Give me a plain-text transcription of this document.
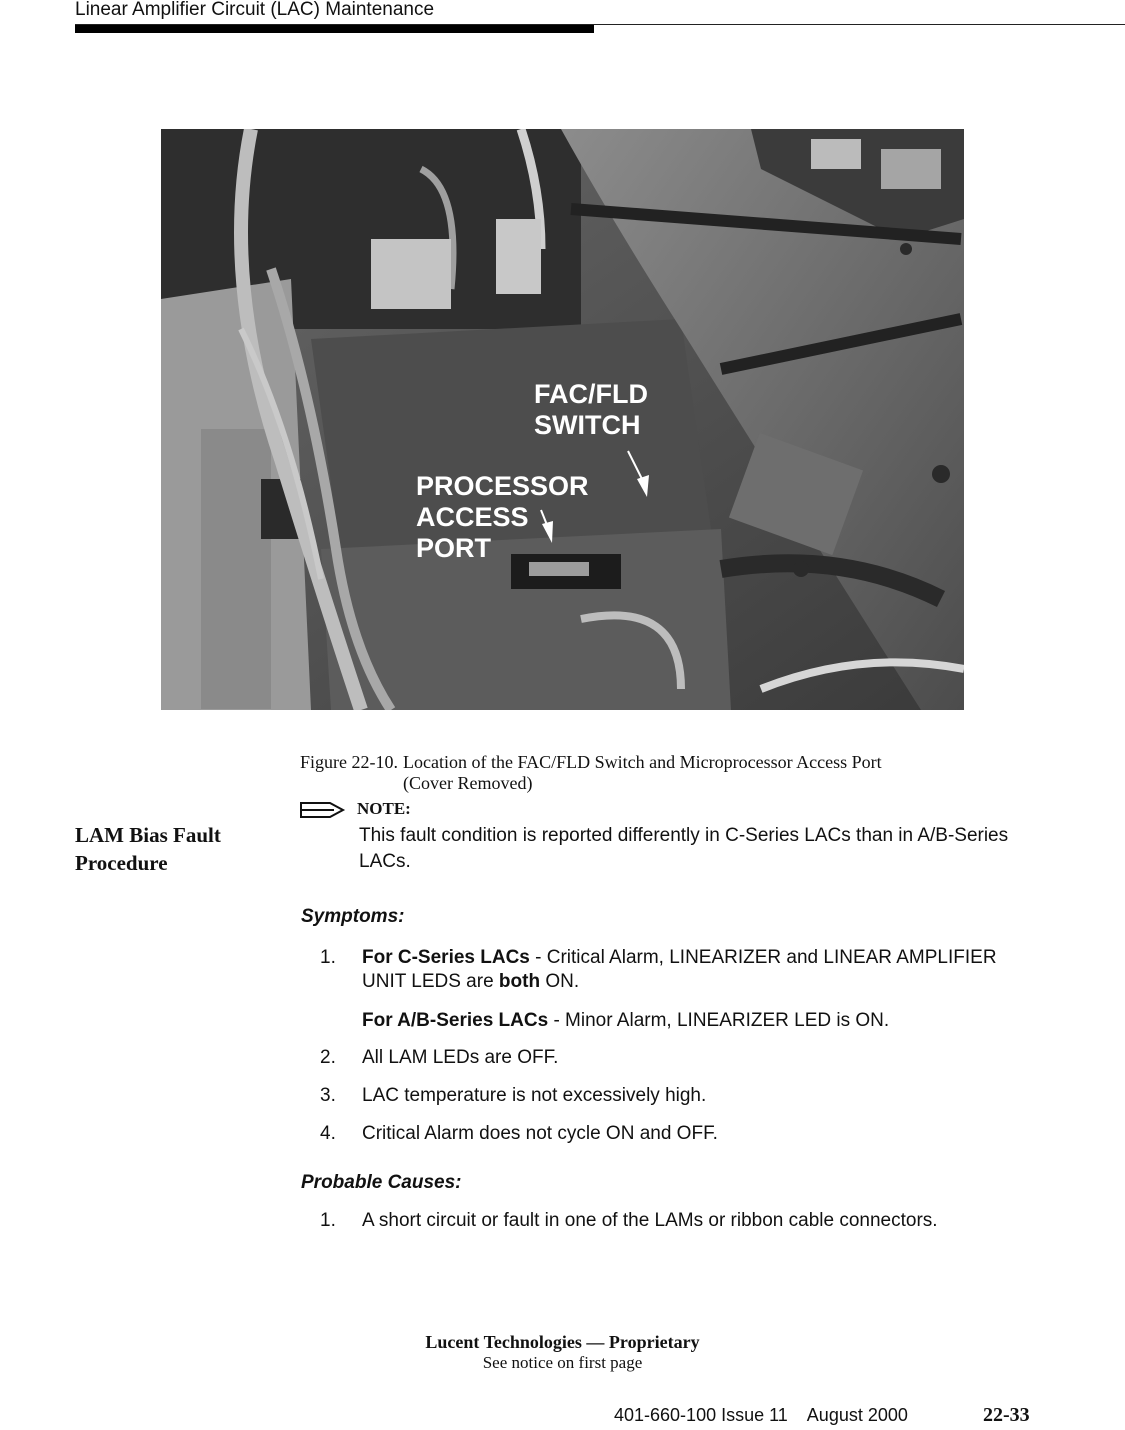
Linear Amplifier Circuit (LAC) Maintenance
FAC/FLD
SWITCH
PROCESSOR
ACCESS
PORT
Figure 22-10. Location of the FAC/FLD Switch and Microprocessor Access Port
(Cover Removed)
LAM Bias Fault Procedure
NOTE:
This fault condition is reported differently in C-Series LACs than in A/B-Series LACs.
Symptoms:
1. For C-Series LACs - Critical Alarm, LINEARIZER and LINEAR AMPLIFIER UNIT LEDS are both ON.
For A/B-Series LACs - Minor Alarm, LINEARIZER LED is ON.
2. All LAM LEDs are OFF.
3. LAC temperature is not excessively high.
4. Critical Alarm does not cycle ON and OFF.
Probable Causes:
1. A short circuit or fault in one of the LAMs or ribbon cable connectors.
Lucent Technologies — Proprietary
See notice on first page
401-660-100 Issue 11    August 2000	22-33
